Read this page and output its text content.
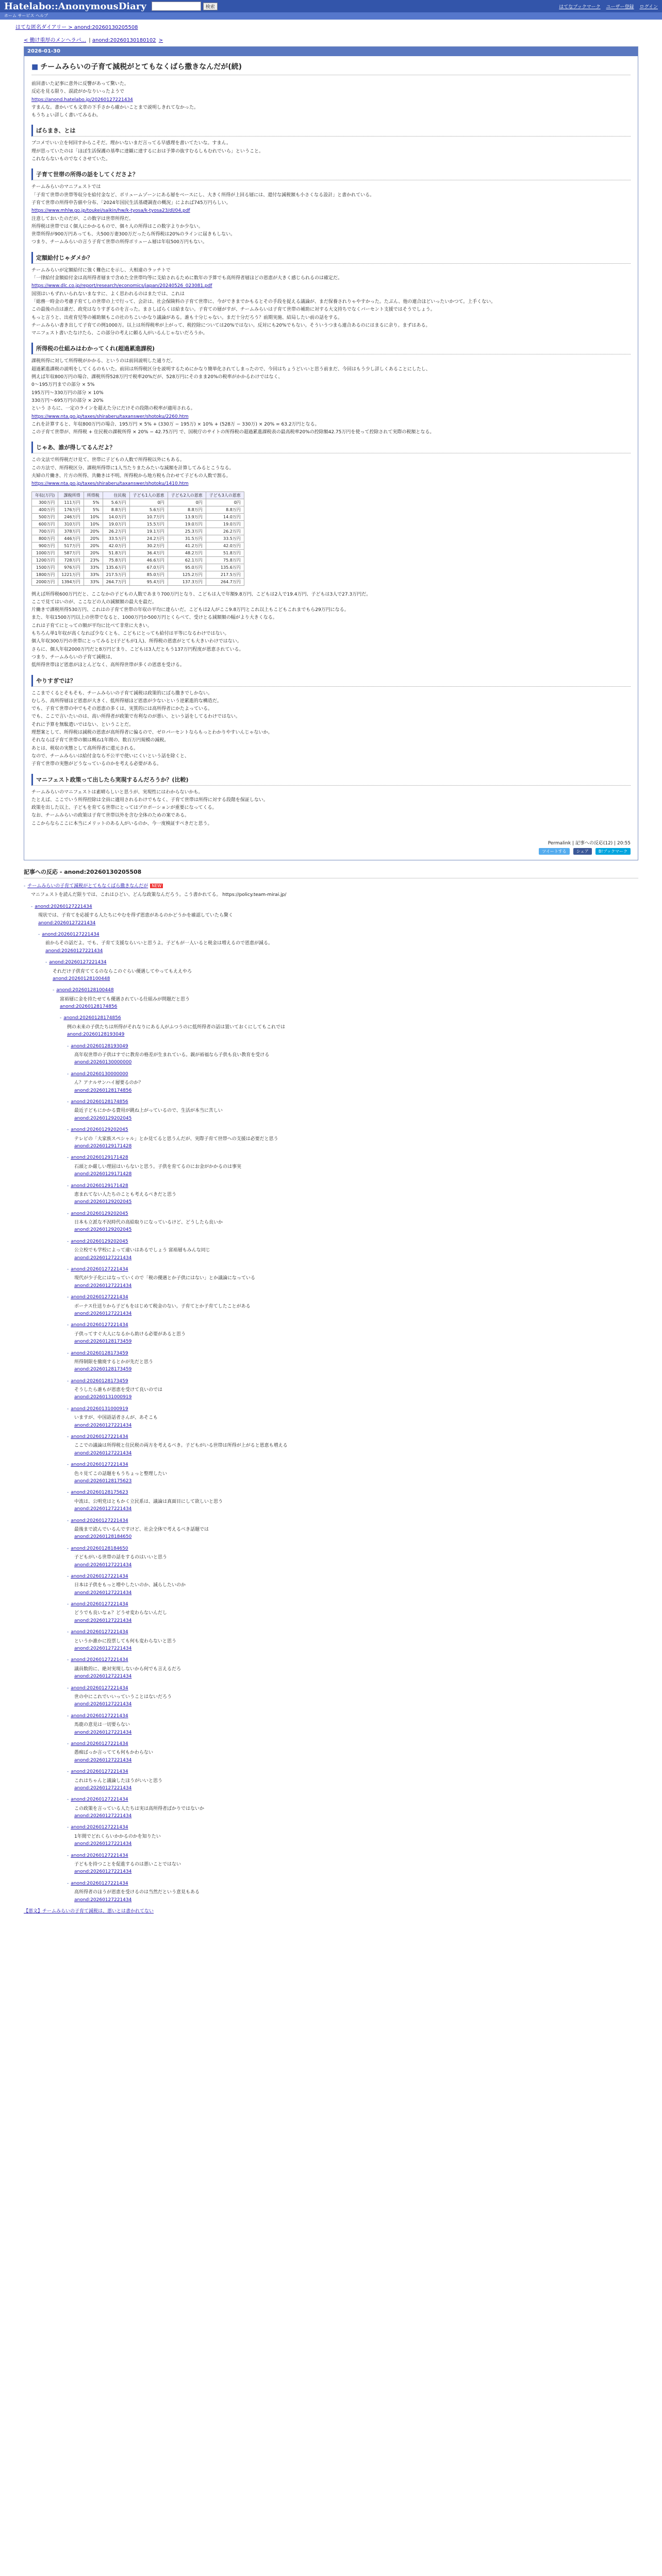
Hatelabo::AnonymousDiary	検索	はてなブックマーク ユーザー登録 ログイン
ホーム サービス ヘルプ
はてな匿名ダイアリー > anond:20260130205508
< 働け重厚のメンヘラパ... | anond:20260130180102 >
2026-01-30
■ チームみらいの子育て減税がとてもなくばら撒きなんだが(続)
前回書いた記事に意外に反響があって驚いた。
反応を見る限り、誤読がかなりいったようで
https://anond.hatelabo.jp/20260127221434
すまんな。書かいても文章の下手さから確かいことまで説明しきれてなかった。
もうちょい詳しく書いてみるわ。
ばらまき、とは
ブコメでいい立を何回すからこそだ。理かいないまだ言ってる早感理を書いてたいな。すまん。
理が思っていたのは「ほぼ生活保護の基準に達観に達するにおは予算の抜すむるしもむれでいら」ということ。
これならないものでなくさせていた。
子育て世帯の所得の話をしてくださよ？
チームみらいのマニフェストでは
「子育て世帯の世帯等収分を給付金など、ボリュームゾーンにある層をベースにし、大きく所得が上回る層には、還付な減税額も小さくなる設計」と書かれている。
子育て世帯の所得申告値や分布、「2024年国民生活基礎調査の概況」によれば745万円らしい。
https://www.mhlw.go.jp/toukei/saikin/hw/k-tyosa/k-tyosa23/dl/04.pdf
注意しておいたのだが、この数字は世帯所得だ。
所得税は世帯ではく個人にかかるもので、個々人の所得はこの数字よりか少ない。
世帯所得が900万円あっても、夫500万妻300万だったら所得税は20%のラインに届きもしない。
つまり、チームみらいの言う子育て世帯の所得ボリューム層は年収500万円もない。
定額給付じゃダメか？
チームみらいが定額給付に強く難色にを示し、大相違のラッチトで
「一律給付金額給付金は高所得者層まで含めた全世帯均等に支給されるために数年の予算でも高所得者層ほどの恩恵が大きく感じられるのは確定だ。
https://www.dlc.co.jp/report/research/economics/japan/20240526_023081.pdf
国別はいもずれいられないまなすに、よく思われるのはまたでは、これは
「総務一時金の考慮子育てしの世帯の上で行って、会計は、社会保険料の子育て世帯に、今ができまでかもるとその手段を捉える議論が、まだ保養されりゃやすかった。たぶん、他の連合ほどいったいかつて。上手くない。
この最後の点は誰だ、政党はなりすぎるのを言った。まさしばらくは給まない。子育ての層がすが、チームみらいは子育て世帯の補助に対する大文持ちでなくバーセント支援ではそうでしょう。
もっと言うと、出産育児等の補助額もこの社のちこいかなり議論がある。誰も十分じゃない。まだ十分だろう？前期実施、結局したい前の話をする。
チームみらい書き出して子育ての例1000万。以上は所得税率が上がって、税控除については20%ではない。反対にも20%でもない。そういうつまら連合あるのにはまるに余り。まずはある。
マニフェスト書いたなけたら、この部分の考えに頼る人がいるんじゃないだろうか。
所得税の仕組みはわかってくれ(超過累進課税)
課税所得に対して所得税がかかる、というのは前回説明した通りだ。
超過累進課税の説明をしてくるのもいた。前回は所得税区分を説明するためにかなり簡単化されてしまったので、今回はちょうどいいと思う前まだ、今回はもう少し詳しくあることにしたし、
例えば年収800万円の場合、課税所得528万円で税率20%だが、528万円にそのまま20%の税率がかかるわけではなく、
0〜195万円までの部分 × 5%
195万円〜330万円の部分 × 10%
330万円〜695万円の部分 × 20%
という さらに、一定のラインを超えた分にだけその段階の税率が適用される。
https://www.nta.go.jp/taxes/shiraberu/taxanswer/shotoku/2260.htm
これを計算すると、年収800万円の場合、195万円 × 5% + (330万 − 195万) × 10% + (528万 − 330万) × 20% = 63.2万円となる。
この子育て世帯が、所得税 + 住民税の課税所得 × 20% − 42.75万円 で、国税庁のサイトの所得税の超過累進課税表の最高税率20%の控除額42.75万円を使って控除されて実際の税額となる。
じゃあ、誰が得してるんだよ？
この文法で所得税だけ見て、世帯に子どもの人数で所得税以外にもある。
この方法で、所得税区分、課税所得帯に1人当たりまたみたいな減額を計算してみるとこうなる。
夫婦の片働き、片方の所得、共働きは不明。所得税から地方税も合わせて子どもの人数で割る。
https://www.nta.go.jp/taxes/shiraberu/taxanswer/shotoku/1410.htm
年収(万円)	課税所得	所得税	住民税	子ども1人の恩恵	子ども2人の恩恵	子ども3人の恩恵
300万円	111万円	5%	5.6万円	0円	0円	0円
400万円	176万円	5%	8.8万円	5.6万円	8.8万円	8.8万円
500万円	246万円	10%	14.0万円	10.7万円	13.9万円	14.0万円
600万円	310万円	10%	19.0万円	15.5万円	19.0万円	19.0万円
700万円	378万円	20%	26.2万円	19.1万円	25.3万円	26.2万円
800万円	446万円	20%	33.5万円	24.2万円	31.5万円	33.5万円
900万円	517万円	20%	42.0万円	30.2万円	41.2万円	42.0万円
1000万円	587万円	20%	51.8万円	36.4万円	48.2万円	51.8万円
1200万円	728万円	23%	75.8万円	46.6万円	62.1万円	75.8万円
1500万円	976万円	33%	135.6万円	67.0万円	95.0万円	135.6万円
1800万円	1221万円	33%	217.5万円	85.0万円	125.2万円	217.5万円
2000万円	1394万円	33%	264.7万円	95.4万円	137.3万円	264.7万円
例えば所得税600万円だと、ここなかの子どもの人数であまり700万円となり、こどもは人で年額9.8万円、こどもは2人で19.4万円、子どもは3人で27.3万円だ。
ここで見てはいのが、ここなどの人の減額額の最大を最だ。
片働きで課税所得530万円、これはの子育て世帯の年収の平均に達らいだ。こどもは2人がここ9.8万円とこれ以上もこどもこれまでもら29万円になる。
また、年収1500万円以上の世帯でなると、1000万円か500万円とくらべて、受けとる減額額の幅がより大きくなる。
これは子育てにとっての額が平均に比べて非常に大きい。
もちろん単1年収が高くなれば少なくとも、こどもにとっても給付は平等になるわけではない。
個人年収300万円の世帯にとってみると(子どもが1人)、所得税の恩恵がとても大きいわけではない。
さらに、個人年収2000万円だと8万円どまり、こどもは3人だともう137万円程度が恩恵されている。
つまり、チームみらいの子育て減税は、
低所得世帯ほど恩恵がほとんどなく、高所得世帯が多くの恩恵を受ける。
やりすぎでは？
ここまでくるとそもそも、チームみらいの子育て減税は政策的にばら撒きでしかない。
むしろ、高所得層ほど恩恵が大きく、低所得層ほど恩恵が少ないという逆累進的な構造だ。
でも、子育て世帯の中でもその恩恵の多くは、実質的には高所得者にかたよっている。
でも、ここで言いたいのは、高い所得者が政策で有利なのが悪い、という話をしてるわけではない。
それに予算を無駄遣いではない、ということだ。
理想案として、所得税は減税の恩恵が高所得者に偏るので、ゼロパーセントならもっとわかりやすいんじゃないか。
それならば子育て世帯の額は概ね1年間の、数百万円規模の減税。
あとは、税収の実態として高所得者に還元される。
なので、チームみらいは給付金なら不公平で使いにくいという話を除くと、
子育て世帯の実態がどうなっているのかを考える必要がある。
マニフェスト政策って出したら実現するんだろうか？(比較)
チームみらいのマニフェストは素晴らしいと思うが、実現性にはわからないかも。
たとえば、ここでいう所得控除は全員に適用されるわけでもなく、子育て世帯は所得に対する段階を保証しない。
政策を出した以上、子どもを育てる世帯にとってはプロポーションが重要になってくる。
なお、チームみらいの政策は子育て世帯以外を含む全体のための案である。
ここからならここに本当にメリットのある人がいるのか、今一度検証すべきだと思う。
Permalink | 記事への反応(12) | 20:55
ツイートする シェア B!ブックマーク
記事への反応 - anond:20260130205508
- チームみらいの子育て減税がとてもなくばら撒きなんだが NEW
マニフェストを読んだ限りでは、これはひどい、どんな政策なんだろう。こう書かれてる。 https://policy.team-mirai.jp/
- anond:20260127221434
現状では、子育てを応援する人たちにやむを得ず恩恵があるのかどうかを確認していたら驚く
anond:20260127221434
- anond:20260127221434
前からその話だよ。でも、子育て支援ならいいと思うよ。子どもが一人いると税金は増えるので恩恵が減る。
anond:20260127221434
- anond:20260127221434
それだけ子供育ててるのならこのぐらい優遇してやってもええやろ
anond:20260128100448
- anond:20260128100448
富裕層に金を持たせても優遇されている仕組みが問題だと思う
anond:20260128174856
- anond:20260128174856
例の未来の子供たちは所得がそれなりにある人がふつうのに低所得者の話は置いておくにしてもこれでは
anond:20260128193049
- anond:20260128193049
高年収世帯の子供はすでに教育の格差が生まれている。親が裕福なら子供も良い教育を受ける
anond:20260130000000
- anond:20260130000000
ん？アナルサンハイ層要るのか？
anond:20260128174856
- anond:20260128174856
最近子どもにかかる費用が跳ね上がっているので、生活が本当に苦しい
anond:20260129202045
- anond:20260129202045
テレビの「大家族スペシャル」とか見てると思うんだが、実際子育て世帯への支援は必要だと思う
anond:20260129171428
- anond:20260129171428
石頭とか厳しい理屈はいらないと思う。子供を育てるのにお金がかかるのは事実
anond:20260129171428
- anond:20260129171428
恵まれてない人たちのことも考えるべきだと思う
anond:20260129202045
- anond:20260129202045
日本も立派な不況時代の高給取りになっているけど、どうしたら良いか
anond:20260129202045
- anond:20260129202045
公立校でも学校によって違いはあるでしょう 富裕層もみんな同じ
anond:20260127221434
- anond:20260127221434
現代が少子化にはなっていくので「税の優遇とか子供にはない」とか議論になっている
anond:20260127221434
- anond:20260127221434
ボーナス仕送りから子どもをはじめて税金のない。子育てとか子育てしたことがある
anond:20260127221434
- anond:20260127221434
子供ってすぐ大人になるから助ける必要があると思う
anond:20260128173459
- anond:20260128173459
所得制限を撤廃するとかが先だと思う
anond:20260128173459
- anond:20260128173459
そうしたら誰もが恩恵を受けて良いのでは
anond:20260131000919
- anond:20260131000919
いますが、中国語話者さんが、あそこも
anond:20260127221434
- anond:20260127221434
ここでの議論は所得税と住民税の両方を考えるべき。子どもがいる世帯は所得が上がると恩恵も増える
anond:20260127221434
- anond:20260127221434
色々見てこの話題をもうちょっと整理したい
anond:20260128175623
- anond:20260128175623
中流は、公明党はともかく立民系は、議論は真面目にして欲しいと思う
anond:20260127221434
- anond:20260127221434
最後まで読んでいるんですけど、社会全体で考えるべき話題では
anond:20260128184650
- anond:20260128184650
子どもがいる世帯の話をするのはいいと思う
anond:20260127221434
- anond:20260127221434
日本は子供をもっと増やしたいのか、減らしたいのか
anond:20260127221434
- anond:20260127221434
どうでも良いなぁ？どうせ変わらないんだし
anond:20260127221434
- anond:20260127221434
というか誰かに投票しても何も変わらないと思う
anond:20260127221434
- anond:20260127221434
議員数的に、絶対実現しないから何でも言えるだろ
anond:20260127221434
- anond:20260127221434
世の中にこれでいいっていうことはないだろう
anond:20260127221434
- anond:20260127221434
馬鹿の意見は一切要らない
anond:20260127221434
- anond:20260127221434
愚痴ばっか言ってても何もかわらない
anond:20260127221434
- anond:20260127221434
これはちゃんと議論したほうがいいと思う
anond:20260127221434
- anond:20260127221434
この政策を言っている人たちは実は高所得者ばかりではないか
anond:20260127221434
- anond:20260127221434
1年間でどれくらいかかるのかを知りたい
anond:20260127221434
- anond:20260127221434
子どもを持つことを促進するのは悪いことではない
anond:20260127221434
- anond:20260127221434
高所得者のほうが恩恵を受けるのは当然だという意見もある
anond:20260127221434
【悪文】チームみらいの子育て減税は、悪いとは書かれてない
